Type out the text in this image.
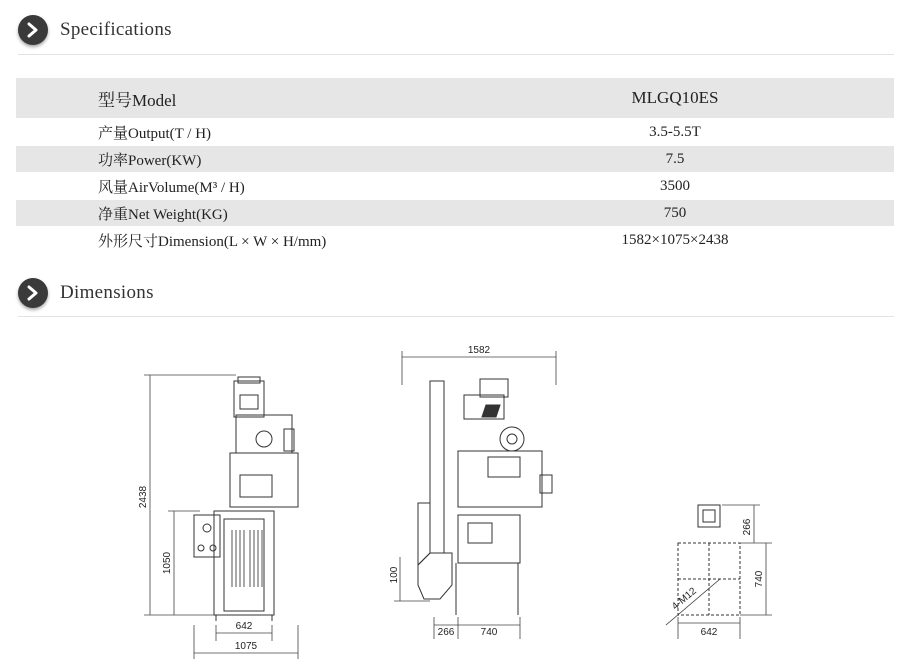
Specifications
型号Model	MLGQ10ES
产量Output(T / H)	3.5-5.5T
功率Power(KW)	7.5
风量AirVolume(M³ / H)	3500
净重Net Weight(KG)	750
外形尺寸Dimension(L × W × H/mm)	1582×1075×2438
Dimensions
2438
1050
642
1075
1582
100
266	740
266
740
642
4-M12
